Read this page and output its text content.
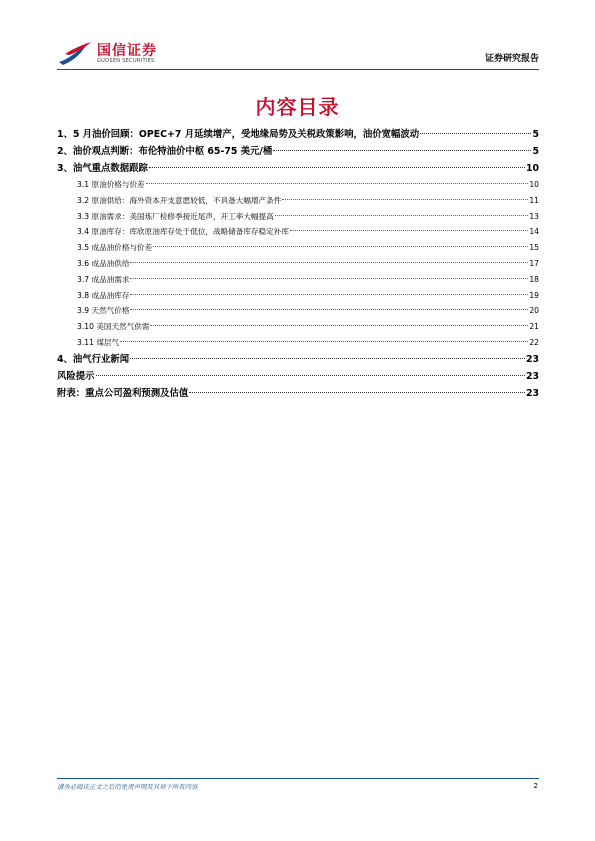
国信证券
GUOSEN SECURITIES	证券研究报告
内容目录
1、5 月油价回顾：OPEC+7 月延续增产，受地缘局势及关税政策影响，油价宽幅波动	5
2、油价观点判断：布伦特油价中枢 65-75 美元/桶	5
3、油气重点数据跟踪	10
3.1 原油价格与价差	10
3.2 原油供给：海外资本开支意愿较低，不具备大幅增产条件	11
3.3 原油需求：美国炼厂检修季接近尾声，开工率大幅提高	13
3.4 原油库存：库欣原油库存处于低位，战略储备库存稳定补库	14
3.5 成品油价格与价差	15
3.6 成品油供给	17
3.7 成品油需求	18
3.8 成品油库存	19
3.9 天然气价格	20
3.10 美国天然气供需	21
3.11 煤层气	22
4、油气行业新闻	23
风险提示	23
附表：重点公司盈利预测及估值	23
请务必阅读正文之后的免责声明及其项下所有内容	2
